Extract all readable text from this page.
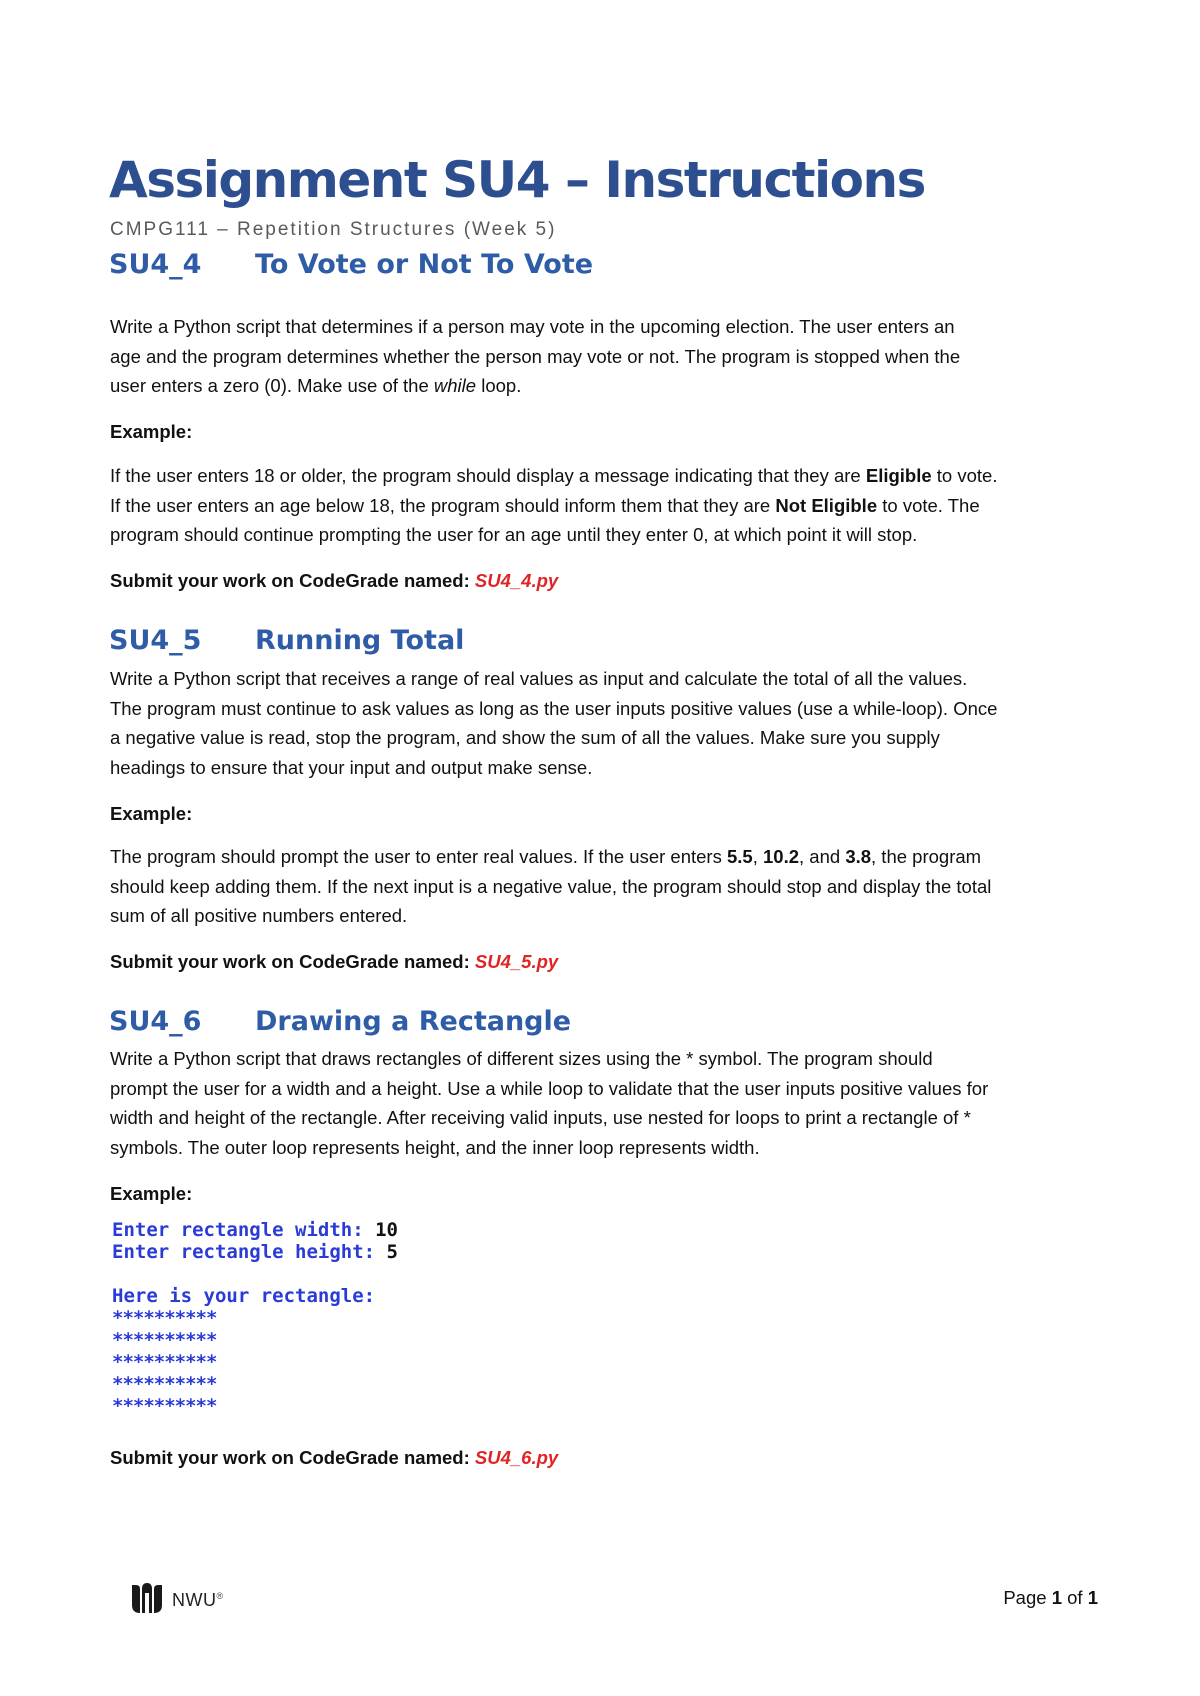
Assignment SU4 – Instructions
CMPG111 – Repetition Structures (Week 5)
SU4_4 To Vote or Not To Vote
Write a Python script that determines if a person may vote in the upcoming election. The user enters an
age and the program determines whether the person may vote or not. The program is stopped when the
user enters a zero (0). Make use of the while loop.
Example:
If the user enters 18 or older, the program should display a message indicating that they are Eligible to vote.
If the user enters an age below 18, the program should inform them that they are Not Eligible to vote. The
program should continue prompting the user for an age until they enter 0, at which point it will stop.
Submit your work on CodeGrade named: SU4_4.py
SU4_5 Running Total
Write a Python script that receives a range of real values as input and calculate the total of all the values.
The program must continue to ask values as long as the user inputs positive values (use a while-loop). Once
a negative value is read, stop the program, and show the sum of all the values. Make sure you supply
headings to ensure that your input and output make sense.
Example:
The program should prompt the user to enter real values. If the user enters 5.5, 10.2, and 3.8, the program
should keep adding them. If the next input is a negative value, the program should stop and display the total
sum of all positive numbers entered.
Submit your work on CodeGrade named: SU4_5.py
SU4_6 Drawing a Rectangle
Write a Python script that draws rectangles of different sizes using the * symbol. The program should
prompt the user for a width and a height. Use a while loop to validate that the user inputs positive values for
width and height of the rectangle. After receiving valid inputs, use nested for loops to print a rectangle of *
symbols. The outer loop represents height, and the inner loop represents width.
Example:
Enter rectangle width: 10
Enter rectangle height: 5

Here is your rectangle:
**********
**********
**********
**********
**********
Submit your work on CodeGrade named: SU4_6.py
NWU®	Page 1 of 1
